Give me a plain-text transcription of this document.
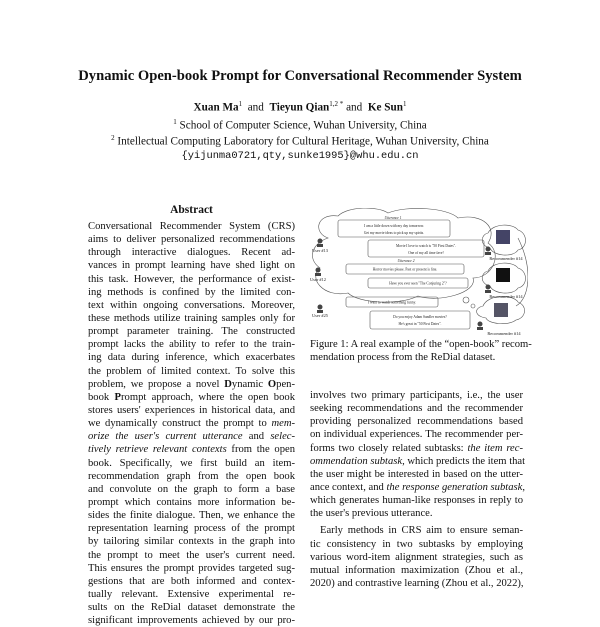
Dynamic Open-book Prompt for Conversational Recommender System
Xuan Ma$^1$ and Tieyun Qian$^{1,2 *}$ and Ke Sun$^1$
$^1$ School of Computer Science, Wuhan University, China
$^2$ Intellectual Computing Laboratory for Cultural Heritage, Wuhan University, China
{yijunma0721,qty,sunke1995}@whu.edu.cn
Abstract
Conversational Recommender System (CRS)
aims to deliver personalized recommendations
through interactive dialogues. Recent ad-
vances in prompt learning have shed light on
this task. However, the performance of exist-
ing methods is confined by the limited con-
text within ongoing conversations. Moreover,
these methods utilize training samples only for
prompt parameter training. The constructed
prompt lacks the ability to refer to the train-
ing data during inference, which exacerbates
the problem of limited context. To solve this
problem, we propose a novel Dynamic Open-
book Prompt approach, where the open book
stores users' experiences in historical data, and
we dynamically construct the prompt to mem-
orize the user's current utterance and selec-
tively retrieve relevant contexts from the open
book. Specifically, we first build an item-
recommendation graph from the open book
and convolute on the graph to form a base
prompt which contains more information be-
sides the finite dialogue. Then, we enhance the
representation learning process of the prompt
by tailoring similar contexts in the graph into
the prompt to meet the user's current need.
This ensures the prompt provides targeted sug-
gestions that are both informed and contex-
tually relevant. Extensive experimental re-
sults on the ReDial dataset demonstrate the
significant improvements achieved by our pro-
Utterance 1
I am a little down with my day tomorrow.
Get my movie ideas to pick up my spirits.
Movie I love to watch is "50 First Dates".
One of my all time fave!
Utterance 2
Horror movies please. Past or present is fine.
Have you ever seen "The Conjuring 2"?
I want to watch something funny.
Do you enjoy Adam Sandler movies?
He's great in "50 First Dates".
User #13
User #12
User #25
Recommender #14
Recommender #14
Recommender #14
Figure 1: A real example of the “open-book” recom-
mendation process from the ReDial dataset.
involves two primary participants, i.e., the user
seeking recommendations and the recommender
providing personalized recommendations based
on individual experiences. The recommender per-
forms two closely related subtasks: the item rec-
ommendation subtask, which predicts the item that
the user might be interested in based on the utter-
ance context, and the response generation subtask,
which generates human-like responses in reply to
the user's previous utterance.
Early methods in CRS aim to ensure seman-
tic consistency in two subtasks by employing
various word-item alignment strategies, such as
mutual information maximization (Zhou et al.,
2020) and contrastive learning (Zhou et al., 2022),
